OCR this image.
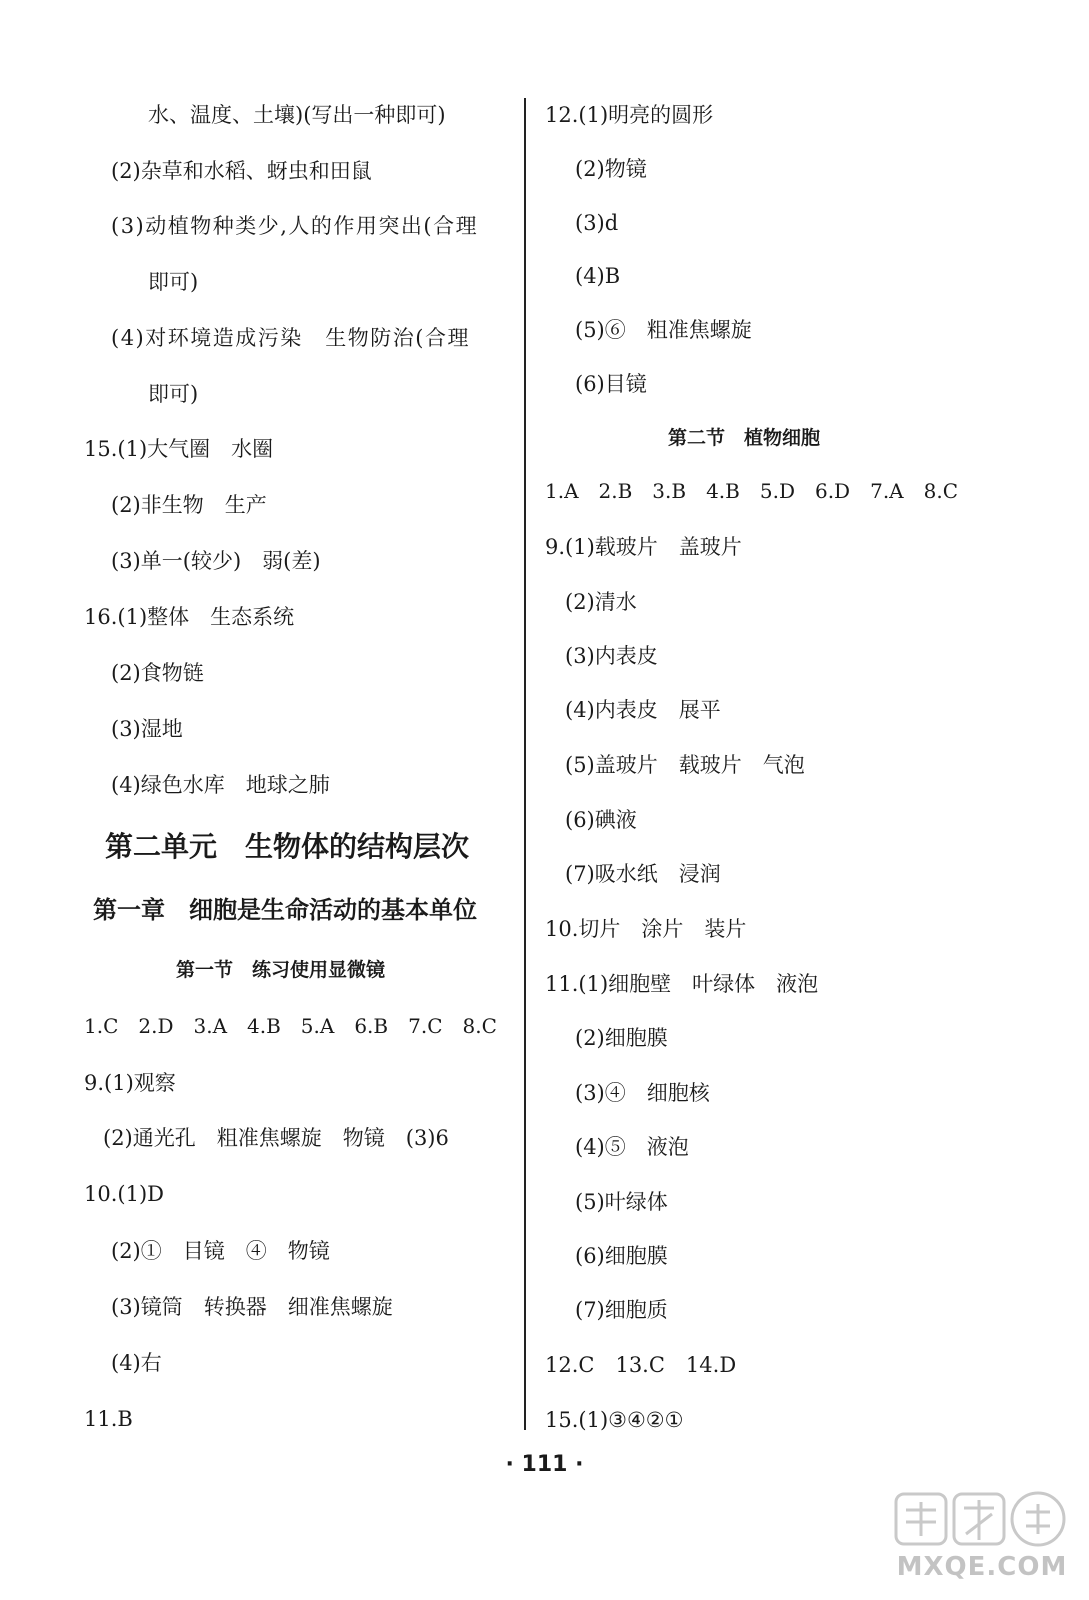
水、温度、土壤)(写出一种即可)
(2)杂草和水稻、蚜虫和田鼠
(3)动植物种类少,人的作用突出(合理
即可)
(4)对环境造成污染　生物防治(合理
即可)
15.(1)大气圈　水圈
(2)非生物　生产
(3)单一(较少)　弱(差)
16.(1)整体　生态系统
(2)食物链
(3)湿地
(4)绿色水库　地球之肺
第二单元　生物体的结构层次
第一章　细胞是生命活动的基本单位
第一节　练习使用显微镜
1.C　2.D　3.A　4.B　5.A　6.B　7.C　8.C
9.(1)观察
(2)通光孔　粗准焦螺旋　物镜　(3)6
10.(1)D
(2)①　目镜　④　物镜
(3)镜筒　转换器　细准焦螺旋
(4)右
11.B
12.(1)明亮的圆形
(2)物镜
(3)d
(4)B
(5)⑥　粗准焦螺旋
(6)目镜
第二节　植物细胞
1.A　2.B　3.B　4.B　5.D　6.D　7.A　8.C
9.(1)载玻片　盖玻片
(2)清水
(3)内表皮
(4)内表皮　展平
(5)盖玻片　载玻片　气泡
(6)碘液
(7)吸水纸　浸润
10.切片　涂片　装片
11.(1)细胞壁　叶绿体　液泡
(2)细胞膜
(3)④　细胞核
(4)⑤　液泡
(5)叶绿体
(6)细胞膜
(7)细胞质
12.C　13.C　14.D
15.(1)③④②①
· 111 ·
MXQE.COM
